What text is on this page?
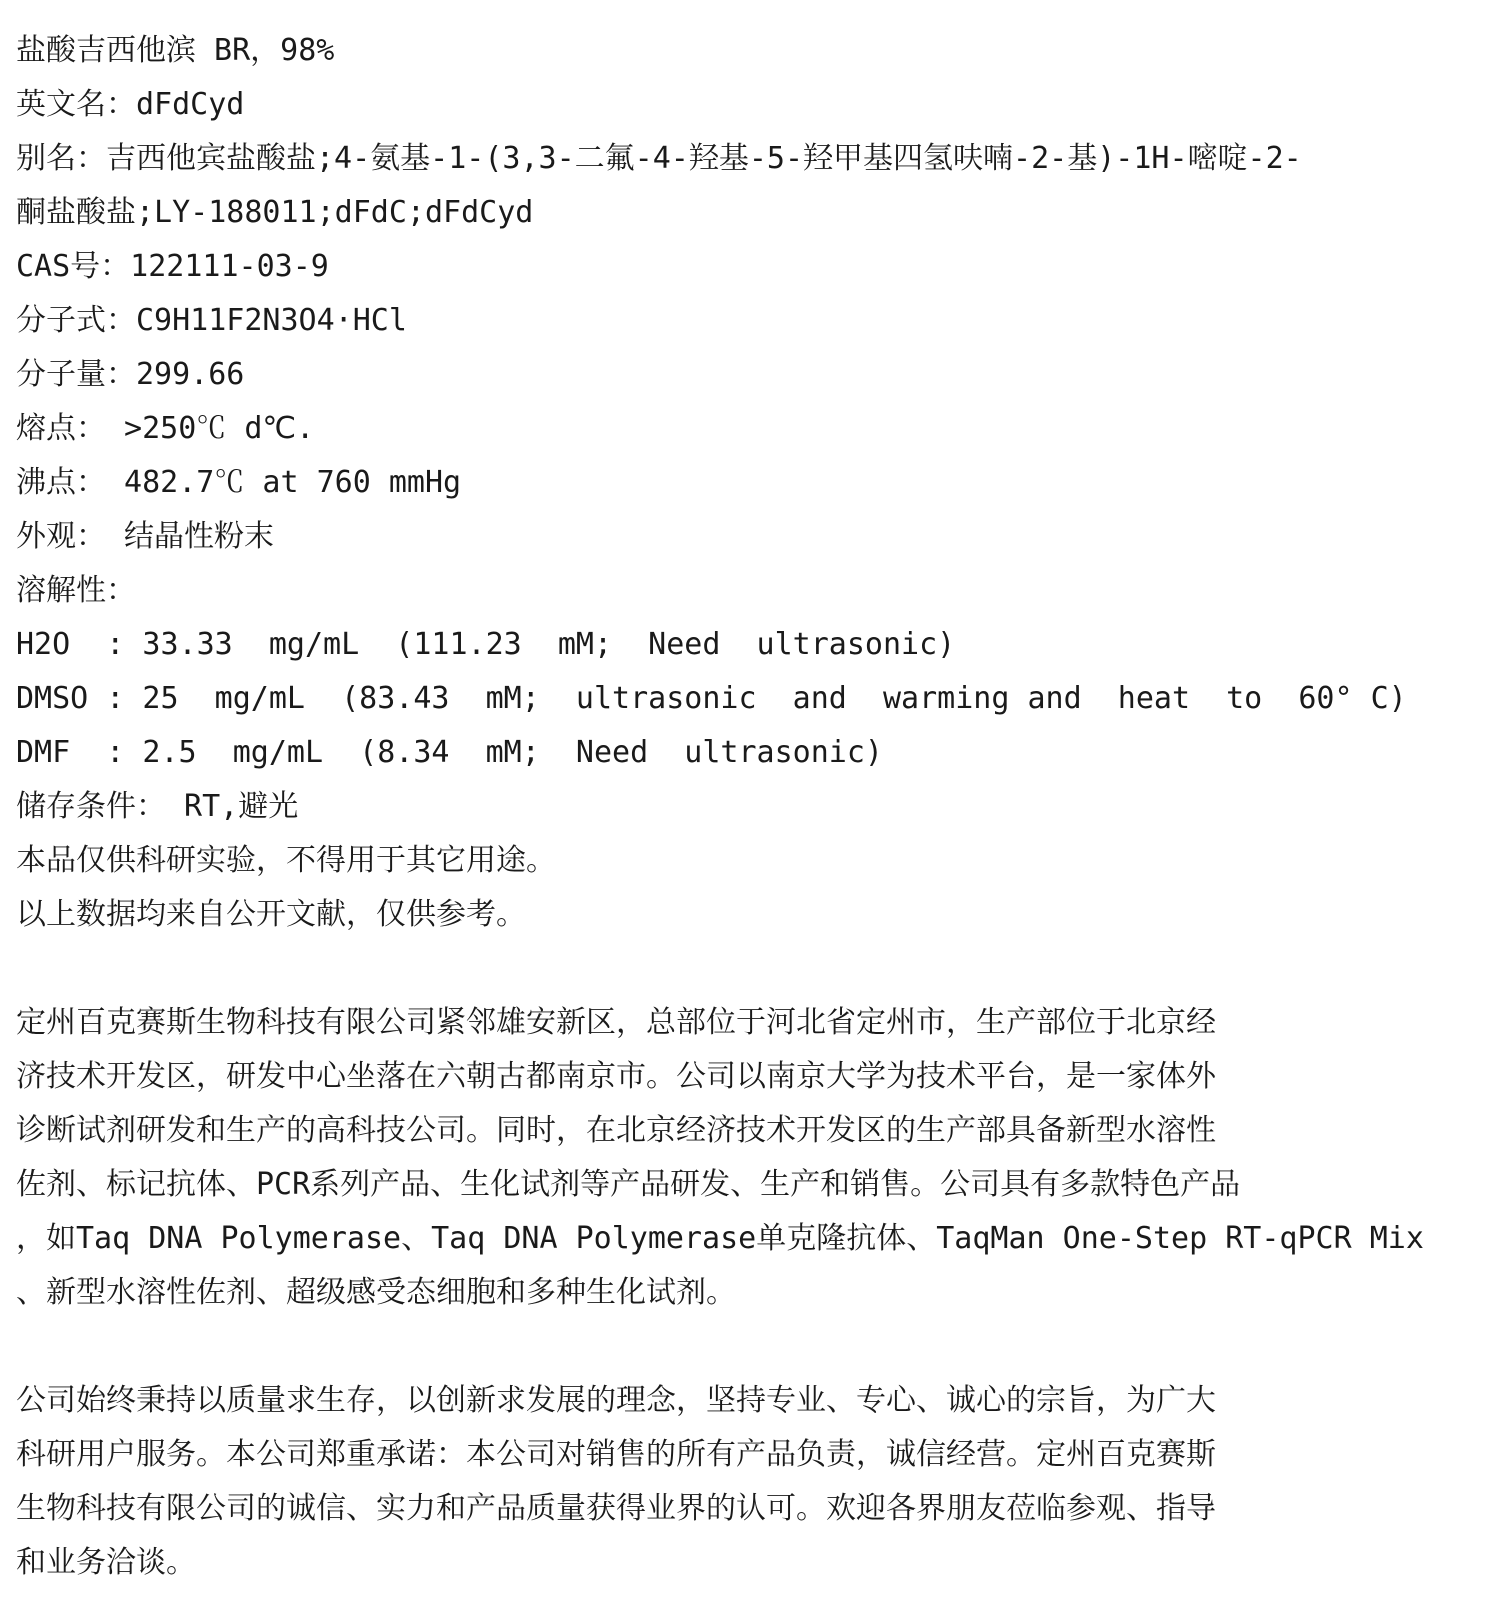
盐酸吉西他滨 BR，98%
英文名：dFdCyd
别名：吉西他宾盐酸盐;4-氨基-1-(3,3-二氟-4-羟基-5-羟甲基四氢呋喃-2-基)-1H-嘧啶-2-
酮盐酸盐;LY-188011;dFdC;dFdCyd
CAS号：122111-03-9
分子式：C9H11F2N3O4·HCl
分子量：299.66
熔点： >250℃ d℃.
沸点： 482.7℃ at 760 mmHg
外观： 结晶性粉末
溶解性：
H2O  : 33.33  mg/mL  (111.23  mM;  Need  ultrasonic)
DMSO : 25  mg/mL  (83.43  mM;  ultrasonic  and  warming and  heat  to  60° C)
DMF  : 2.5  mg/mL  (8.34  mM;  Need  ultrasonic)
储存条件： RT,避光
本品仅供科研实验，不得用于其它用途。
以上数据均来自公开文献，仅供参考。
定州百克赛斯生物科技有限公司紧邻雄安新区，总部位于河北省定州市，生产部位于北京经
济技术开发区，研发中心坐落在六朝古都南京市。公司以南京大学为技术平台，是一家体外
诊断试剂研发和生产的高科技公司。同时，在北京经济技术开发区的生产部具备新型水溶性
佐剂、标记抗体、PCR系列产品、生化试剂等产品研发、生产和销售。公司具有多款特色产品
，如Taq DNA Polymerase、Taq DNA Polymerase单克隆抗体、TaqMan One-Step RT-qPCR Mix
、新型水溶性佐剂、超级感受态细胞和多种生化试剂。
公司始终秉持以质量求生存，以创新求发展的理念，坚持专业、专心、诚心的宗旨，为广大
科研用户服务。本公司郑重承诺：本公司对销售的所有产品负责，诚信经营。定州百克赛斯
生物科技有限公司的诚信、实力和产品质量获得业界的认可。欢迎各界朋友莅临参观、指导
和业务洽谈。
